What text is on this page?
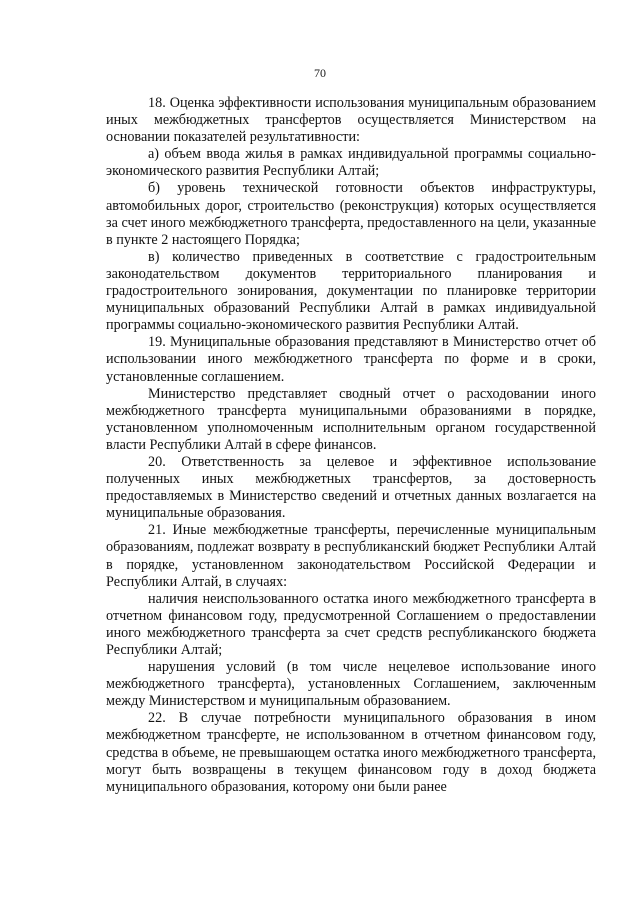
70

18. Оценка эффективности использования муниципальным образованием иных межбюджетных трансфертов осуществляется Министерством на основании показателей результативности:

а) объем ввода жилья в рамках индивидуальной программы социально-экономического развития Республики Алтай;

б) уровень технической готовности объектов инфраструктуры, автомобильных дорог, строительство (реконструкция) которых осуществляется за счет иного межбюджетного трансферта, предоставленного на цели, указанные в пункте 2 настоящего Порядка;

в) количество приведенных в соответствие с градостроительным законодательством документов территориального планирования и градостроительного зонирования, документации по планировке территории муниципальных образований Республики Алтай в рамках индивидуальной программы социально-экономического развития Республики Алтай.

19. Муниципальные образования представляют в Министерство отчет об использовании иного межбюджетного трансферта по форме и в сроки, установленные соглашением.

Министерство представляет сводный отчет о расходовании иного межбюджетного трансферта муниципальными образованиями в порядке, установленном уполномоченным исполнительным органом государственной власти Республики Алтай в сфере финансов.

20. Ответственность за целевое и эффективное использование полученных иных межбюджетных трансфертов, за достоверность предоставляемых в Министерство сведений и отчетных данных возлагается на муниципальные образования.

21. Иные межбюджетные трансферты, перечисленные муниципальным образованиям, подлежат возврату в республиканский бюджет Республики Алтай в порядке, установленном законодательством Российской Федерации и Республики Алтай, в случаях:

наличия неиспользованного остатка иного межбюджетного трансферта в отчетном финансовом году, предусмотренной Соглашением о предоставлении иного межбюджетного трансферта за счет средств республиканского бюджета Республики Алтай;

нарушения условий (в том числе нецелевое использование иного межбюджетного трансферта), установленных Соглашением, заключенным между Министерством и муниципальным образованием.

22. В случае потребности муниципального образования в ином межбюджетном трансферте, не использованном в отчетном финансовом году, средства в объеме, не превышающем остатка иного межбюджетного трансферта, могут быть возвращены в текущем финансовом году в доход бюджета муниципального образования, которому они были ранее
